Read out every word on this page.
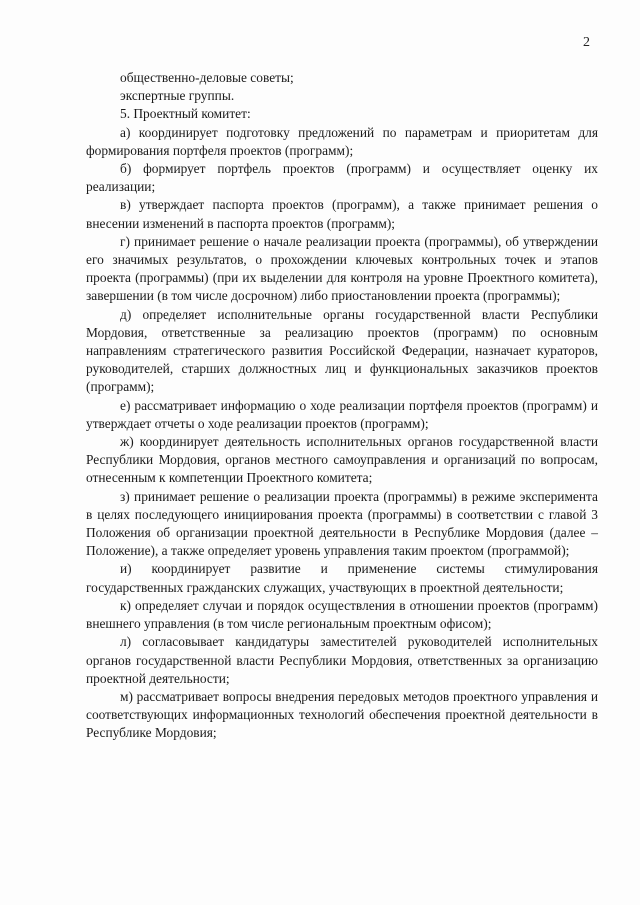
2

общественно-деловые советы;

экспертные группы.

5. Проектный комитет:

а) координирует подготовку предложений по параметрам и приоритетам для формирования портфеля проектов (программ);

б) формирует портфель проектов (программ) и осуществляет оценку их реализации;

в) утверждает паспорта проектов (программ), а также принимает решения о внесении изменений в паспорта проектов (программ);

г) принимает решение о начале реализации проекта (программы), об утверждении его значимых результатов, о прохождении ключевых контрольных точек и этапов проекта (программы) (при их выделении для контроля на уровне Проектного комитета), завершении (в том числе досрочном) либо приостановлении проекта (программы);

д) определяет исполнительные органы государственной власти Республики Мордовия, ответственные за реализацию проектов (программ) по основным направлениям стратегического развития Российской Федерации, назначает кураторов, руководителей, старших должностных лиц и функциональных заказчиков проектов (программ);

е) рассматривает информацию о ходе реализации портфеля проектов (программ) и утверждает отчеты о ходе реализации проектов (программ);

ж) координирует деятельность исполнительных органов государственной власти Республики Мордовия, органов местного самоуправления и организаций по вопросам, отнесенным к компетенции Проектного комитета;

з) принимает решение о реализации проекта (программы) в режиме эксперимента в целях последующего инициирования проекта (программы) в соответствии с главой 3 Положения об организации проектной деятельности в Республике Мордовия (далее – Положение), а также определяет уровень управления таким проектом (программой);

и) координирует развитие и применение системы стимулирования государственных гражданских служащих, участвующих в проектной деятельности;

к) определяет случаи и порядок осуществления в отношении проектов (программ) внешнего управления (в том числе региональным проектным офисом);

л) согласовывает кандидатуры заместителей руководителей исполнительных органов государственной власти Республики Мордовия, ответственных за организацию проектной деятельности;

м) рассматривает вопросы внедрения передовых методов проектного управления и соответствующих информационных технологий обеспечения проектной деятельности в Республике Мордовия;
